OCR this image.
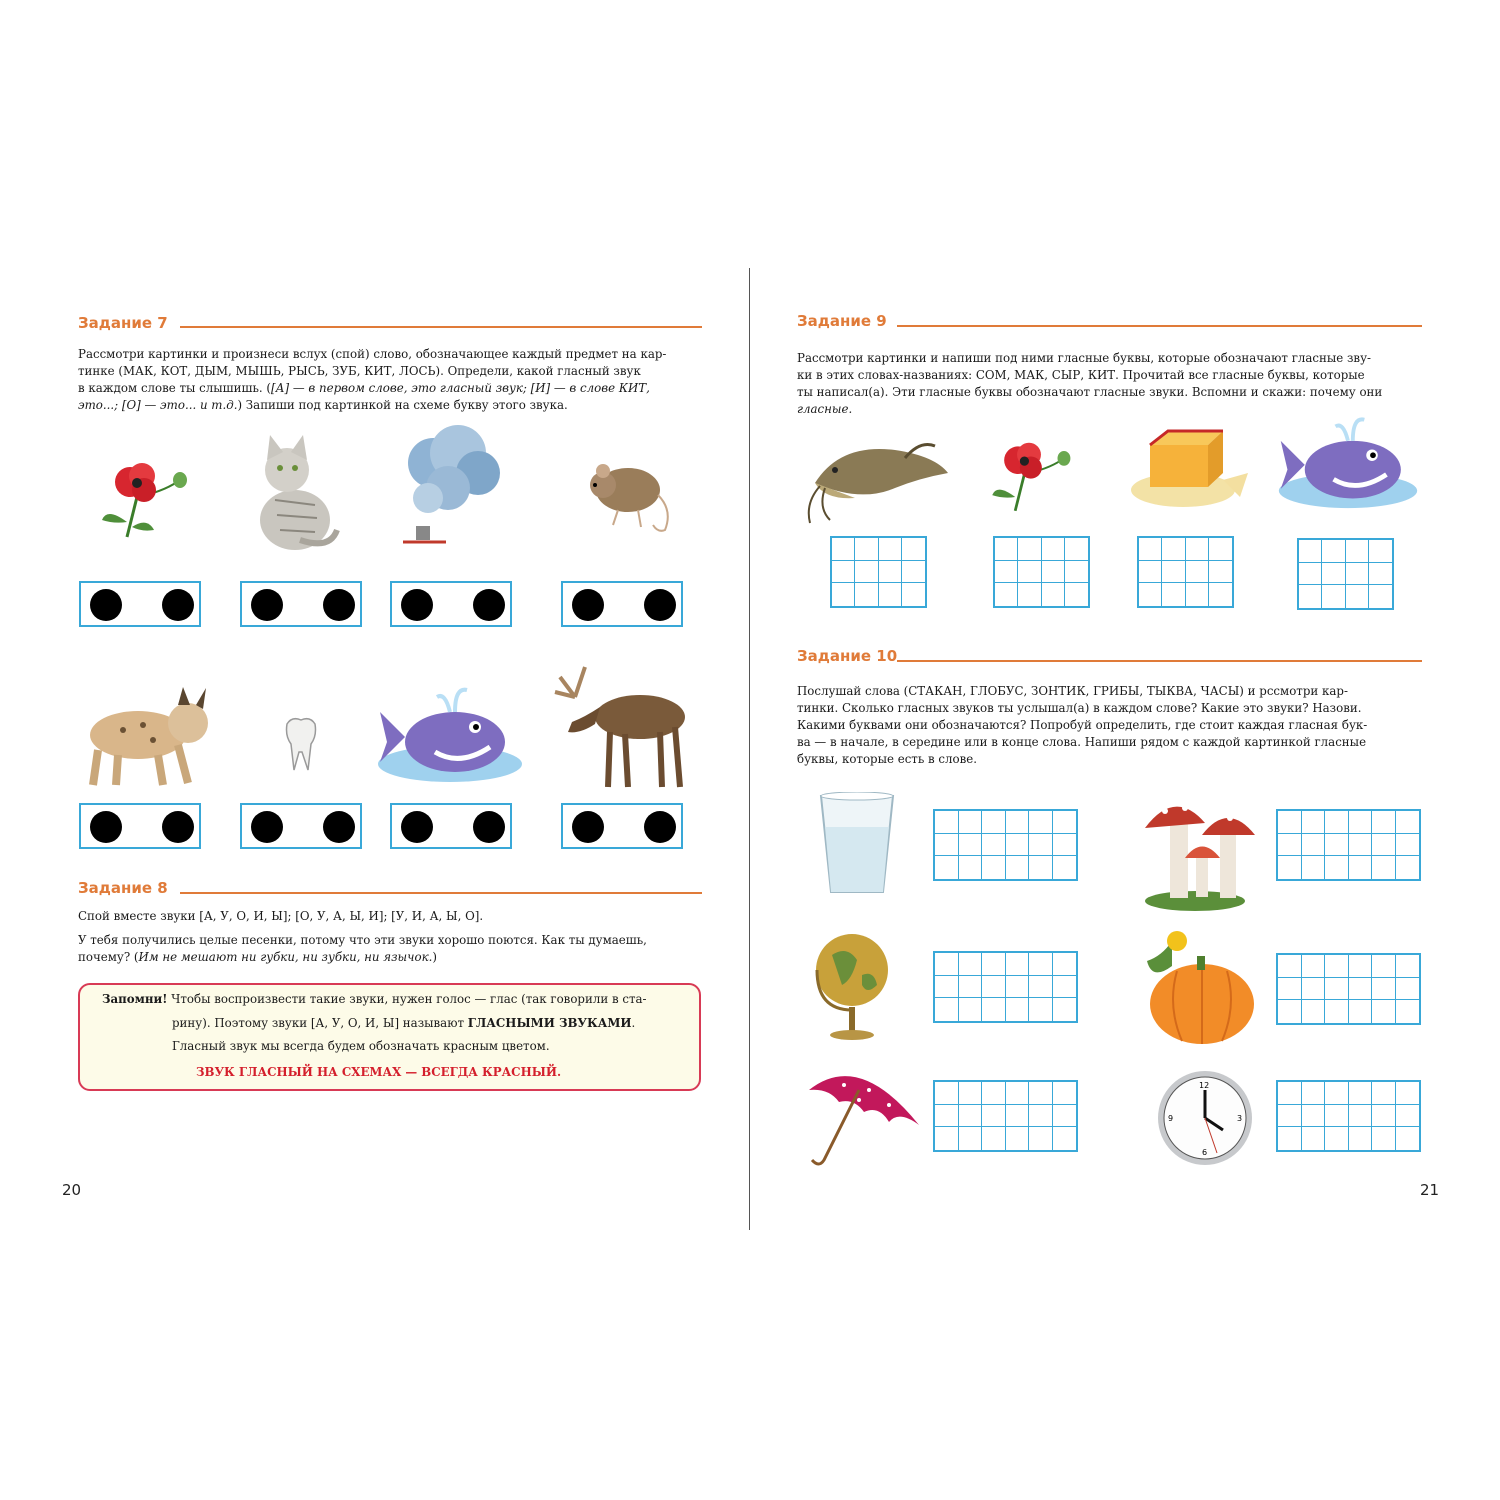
Задание 7
Рассмотри картинки и произнеси вслух (спой) слово, обозначающее каждый предмет на кар-
тинке (МАК, КОТ, ДЫМ, МЫШЬ, РЫСЬ, ЗУБ, КИТ, ЛОСЬ). Определи, какой гласный звук
в каждом слове ты слышишь. ([А] — в первом слове, это гласный звук; [И] — в слове КИТ,
это...; [О] — это... и т.д.) Запиши под картинкой на схеме букву этого звука.
Задание 8
Спой вместе звуки [А, У, О, И, Ы]; [О, У, А, Ы, И]; [У, И, А, Ы, О].
У тебя получились целые песенки, потому что эти звуки хорошо поются. Как ты думаешь,
почему? (Им не мешают ни губки, ни зубки, ни язычок.)

Запомни! Чтобы воспроизвести такие звуки, нужен голос — глас (так говорили в ста-

рину). Поэтому звуки [А, У, О, И, Ы] называют ГЛАСНЫМИ ЗВУКАМИ.

Гласный звук мы всегда будем обозначать красным цветом.

ЗВУК ГЛАСНЫЙ НА СХЕМАХ — ВСЕГДА КРАСНЫЙ.

20
Задание 9
Рассмотри картинки и напиши под ними гласные буквы, которые обозначают гласные зву-
ки в этих словах-названиях: СОМ, МАК, СЫР, КИТ. Прочитай все гласные буквы, которые
ты написал(а). Эти гласные буквы обозначают гласные звуки. Вспомни и скажи: почему они
гласные.
Задание 10
Послушай слова (СТАКАН, ГЛОБУС, ЗОНТИК, ГРИБЫ, ТЫКВА, ЧАСЫ) и рссмотри кар-
тинки. Сколько гласных звуков ты услышал(а) в каждом слове? Какие это звуки? Назови.
Какими буквами они обозначаются? Попробуй определить, где стоит каждая гласная бук-
ва — в начале, в середине или в конце слова. Напиши рядом с каждой картинкой гласные
буквы, которые есть в слове.
12
3
6
9
21
